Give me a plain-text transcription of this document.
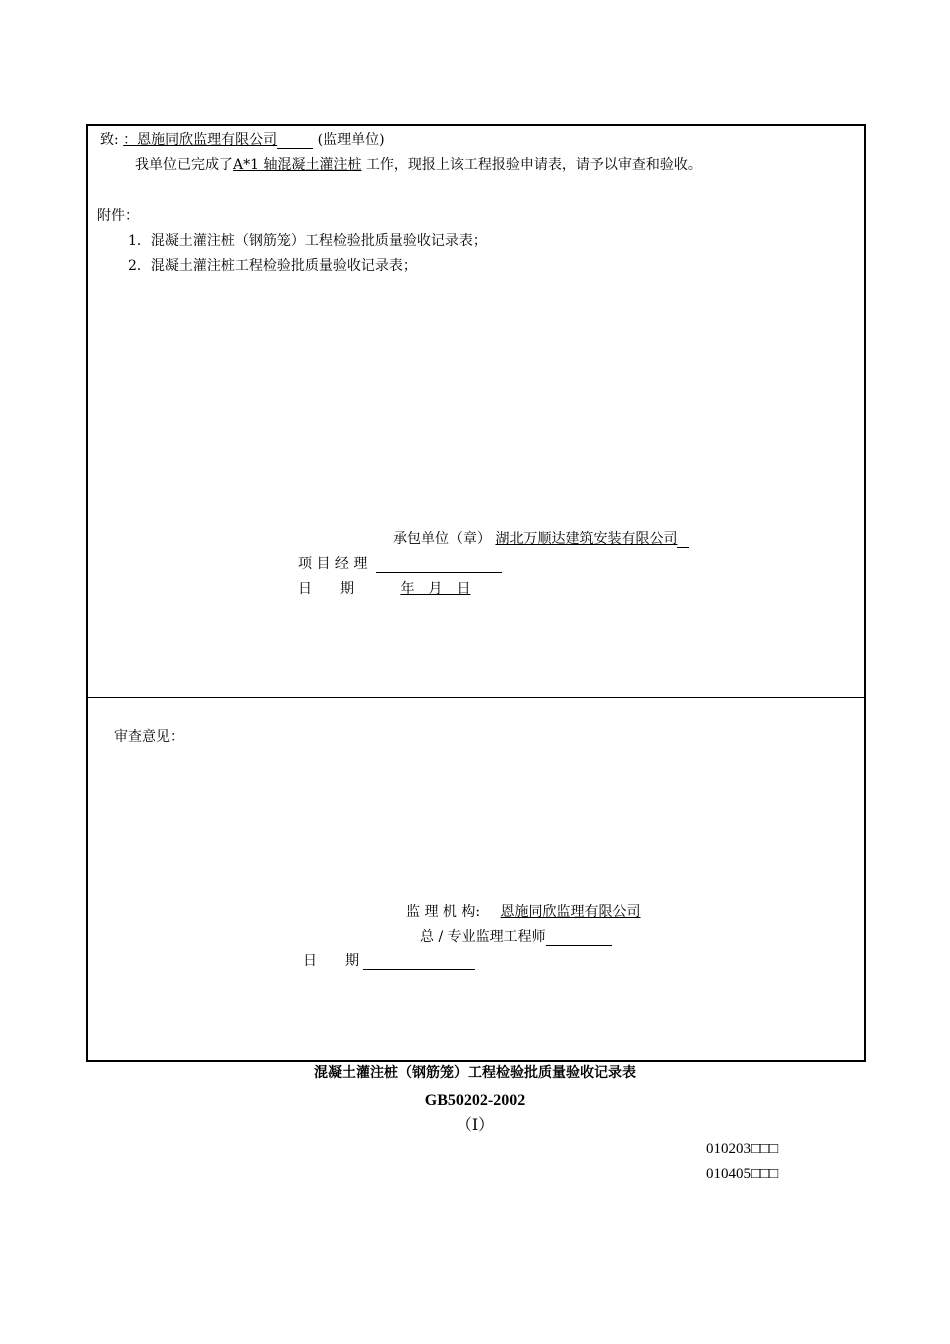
致: ：恩施同欣监理有限公司	(监理单位)
我单位已完成了A*1 轴混凝土灌注桩 工作，现报上该工程报验申请表，请予以审查和验收。
附件：
1．混凝土灌注桩（钢筋笼）工程检验批质量验收记录表；
2．混凝土灌注桩工程检验批质量验收记录表；
承包单位（章） 湖北万顺达建筑安装有限公司
项 目 经 理
日　　期	年　月　日
审查意见：
监 理 机 构: 恩施同欣监理有限公司
总 / 专业监理工程师
日　　期
混凝土灌注桩（钢筋笼）工程检验批质量验收记录表
GB50202-2002
（Ⅰ）
010203□□□
010405□□□
